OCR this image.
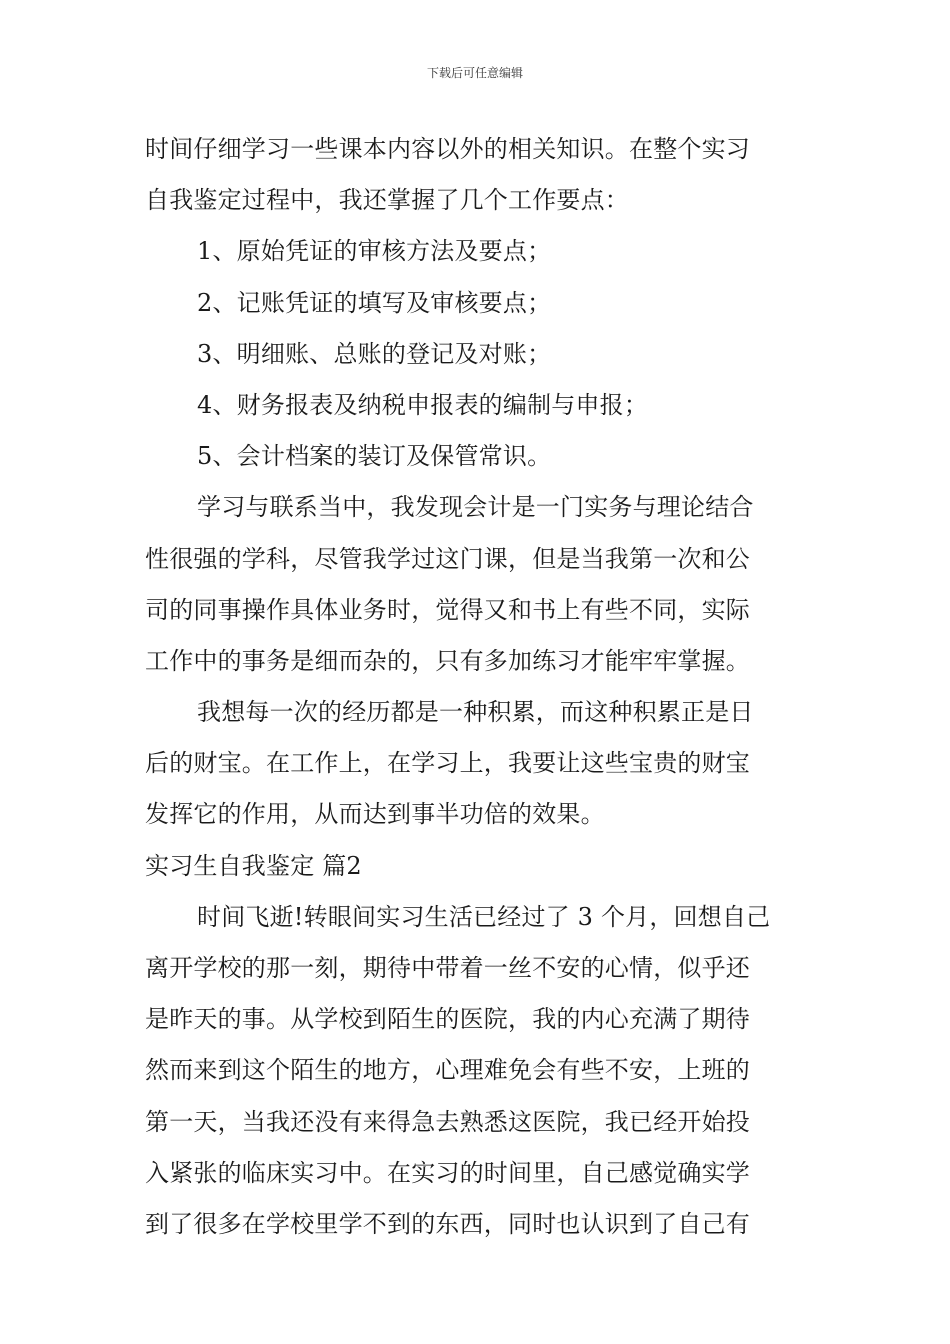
下载后可任意编辑
时间仔细学习一些课本内容以外的相关知识。在整个实习
自我鉴定过程中，我还掌握了几个工作要点：
1、原始凭证的审核方法及要点；
2、记账凭证的填写及审核要点；
3、明细账、总账的登记及对账；
4、财务报表及纳税申报表的编制与申报；
5、会计档案的装订及保管常识。
学习与联系当中，我发现会计是一门实务与理论结合
性很强的学科，尽管我学过这门课，但是当我第一次和公
司的同事操作具体业务时，觉得又和书上有些不同，实际
工作中的事务是细而杂的，只有多加练习才能牢牢掌握。
我想每一次的经历都是一种积累，而这种积累正是日
后的财宝。在工作上，在学习上，我要让这些宝贵的财宝
发挥它的作用，从而达到事半功倍的效果。
实习生自我鉴定 篇2
时间飞逝!转眼间实习生活已经过了 3 个月，回想自己
离开学校的那一刻，期待中带着一丝不安的心情，似乎还
是昨天的事。从学校到陌生的医院，我的内心充满了期待
然而来到这个陌生的地方，心理难免会有些不安，上班的
第一天，当我还没有来得急去熟悉这医院，我已经开始投
入紧张的临床实习中。在实习的时间里，自己感觉确实学
到了很多在学校里学不到的东西，同时也认识到了自己有
